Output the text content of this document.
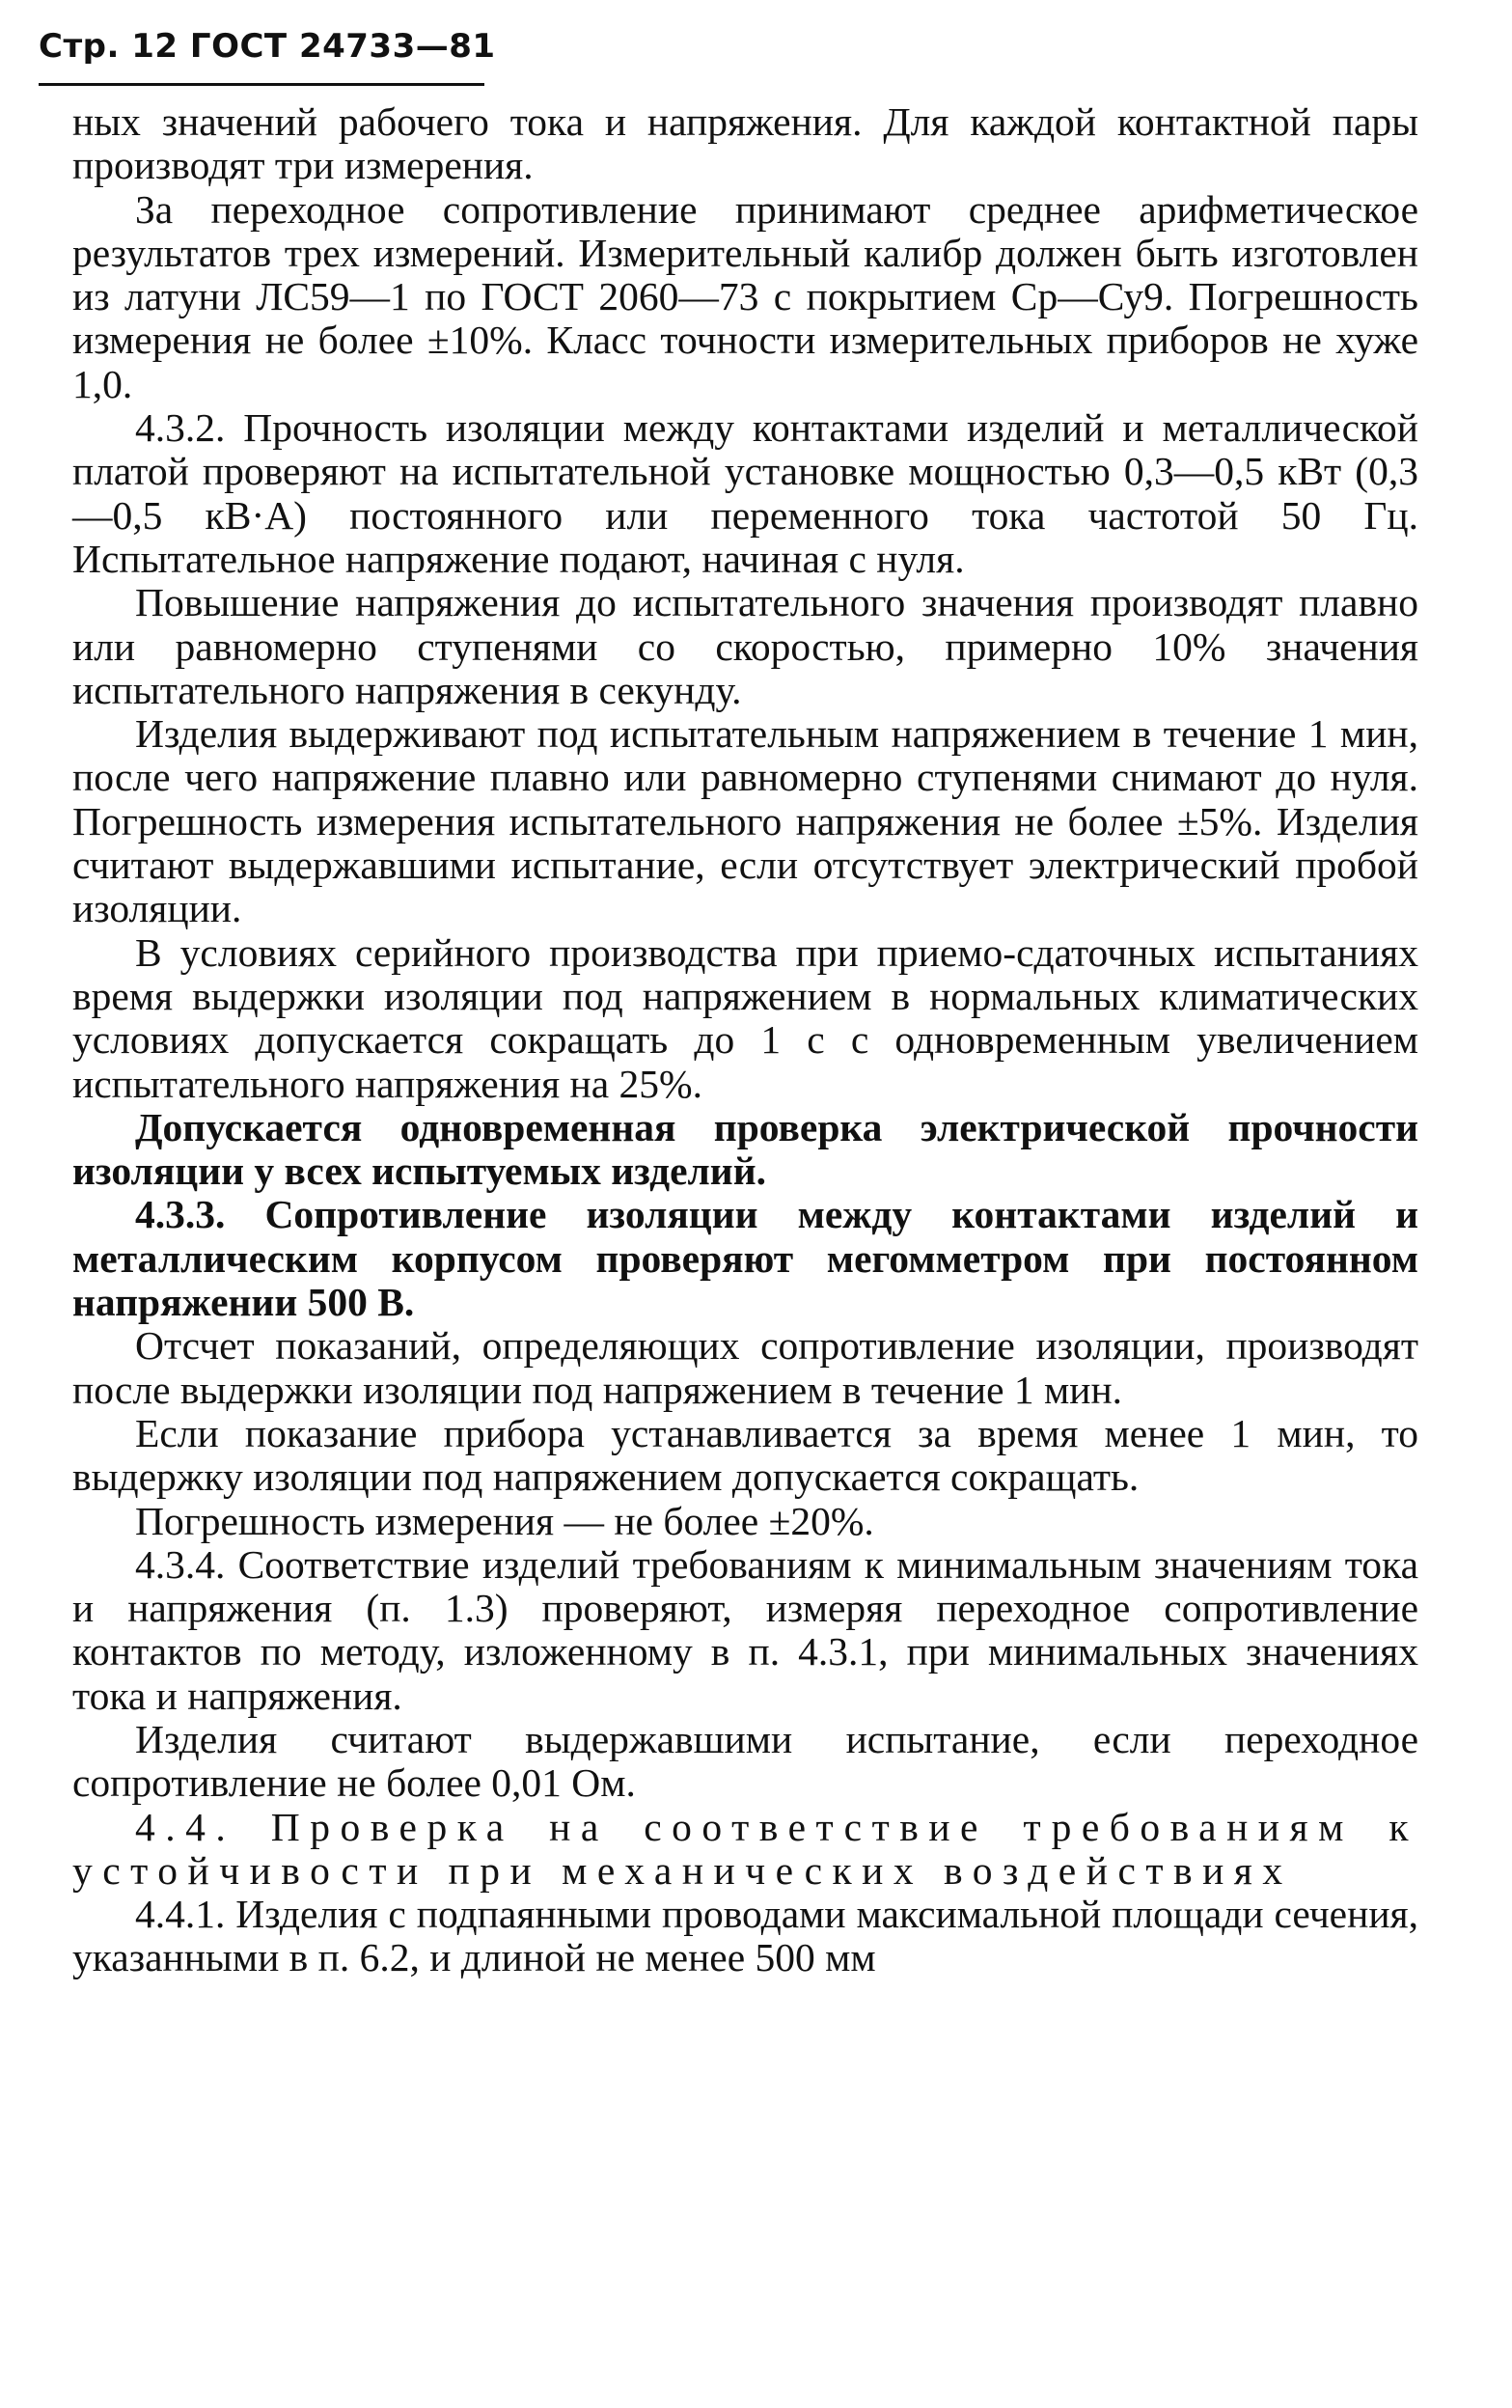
Стр. 12 ГОСТ 24733—81

ных значений рабочего тока и напряжения. Для каждой контактной пары производят три измерения.

За переходное сопротивление принимают среднее арифметическое результатов трех измерений. Измерительный калибр должен быть изготовлен из латуни ЛС59—1 по ГОСТ 2060—73 с покрытием Ср—Су9. Погрешность измерения не более ±10%. Класс точности измерительных приборов не хуже 1,0.

4.3.2. Прочность изоляции между контактами изделий и металлической платой проверяют на испытательной установке мощностью 0,3—0,5 кВт (0,3—0,5 кВ·А) постоянного или переменного тока частотой 50 Гц. Испытательное напряжение подают, начиная с нуля.

Повышение напряжения до испытательного значения производят плавно или равномерно ступенями со скоростью, примерно 10% значения испытательного напряжения в секунду.

Изделия выдерживают под испытательным напряжением в течение 1 мин, после чего напряжение плавно или равномерно ступенями снимают до нуля. Погрешность измерения испытательного напряжения не более ±5%. Изделия считают выдержавшими испытание, если отсутствует электрический пробой изоляции.

В условиях серийного производства при приемо-сдаточных испытаниях время выдержки изоляции под напряжением в нормальных климатических условиях допускается сокращать до 1 с с одновременным увеличением испытательного напряжения на 25%.

Допускается одновременная проверка электрической прочности изоляции у всех испытуемых изделий.

4.3.3. Сопротивление изоляции между контактами изделий и металлическим корпусом проверяют мегомметром при постоянном напряжении 500 В.

Отсчет показаний, определяющих сопротивление изоляции, производят после выдержки изоляции под напряжением в течение 1 мин.

Если показание прибора устанавливается за время менее 1 мин, то выдержку изоляции под напряжением допускается сокращать.

Погрешность измерения — не более ±20%.

4.3.4. Соответствие изделий требованиям к минимальным значениям тока и напряжения (п. 1.3) проверяют, измеряя переходное сопротивление контактов по методу, изложенному в п. 4.3.1, при минимальных значениях тока и напряжения.

Изделия считают выдержавшими испытание, если переходное сопротивление не более 0,01 Ом.

4.4. Проверка на соответствие требованиям к устойчивости при механических воздействиях

4.4.1. Изделия с подпаянными проводами максимальной площади сечения, указанными в п. 6.2, и длиной не менее 500 мм
